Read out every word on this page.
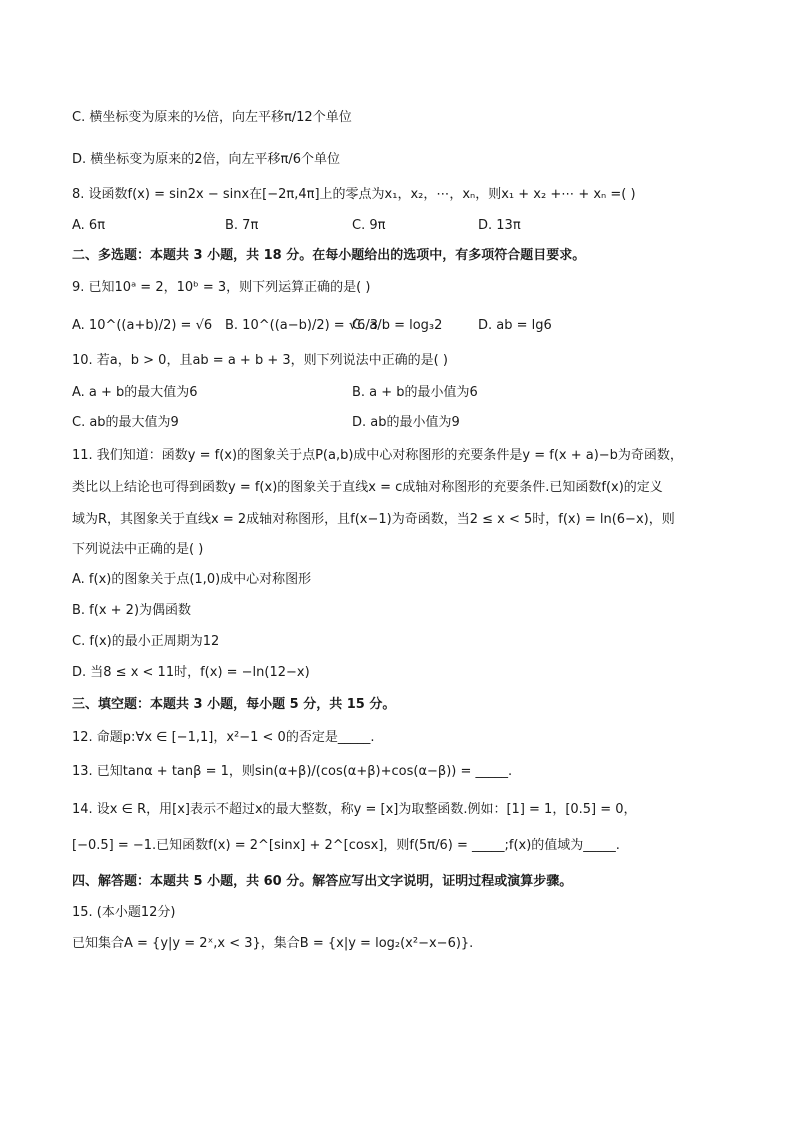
C. 横坐标变为原来的½倍，向左平移π/12个单位
D. 横坐标变为原来的2倍，向左平移π/6个单位
8. 设函数f(x) = sin2x − sinx在[−2π,4π]上的零点为x₁，x₂，⋯，xₙ，则x₁ + x₂ +⋯ + xₙ =( )
A. 6π	B. 7π	C. 9π	D. 13π
二、多选题：本题共 3 小题，共 18 分。在每小题给出的选项中，有多项符合题目要求。
9. 已知10ᵃ = 2，10ᵇ = 3，则下列运算正确的是( )
A. 10^((a+b)/2) = √6 B. 10^((a−b)/2) = √6/3
C. a/b = log₃2	D. ab = lg6
10. 若a，b > 0，且ab = a + b + 3，则下列说法中正确的是( )
A. a + b的最大值为6	B. a + b的最小值为6
C. ab的最大值为9	D. ab的最小值为9
11. 我们知道：函数y = f(x)的图象关于点P(a,b)成中心对称图形的充要条件是y = f(x + a)−b为奇函数，
类比以上结论也可得到函数y = f(x)的图象关于直线x = c成轴对称图形的充要条件.已知函数f(x)的定义
域为R，其图象关于直线x = 2成轴对称图形，且f(x−1)为奇函数，当2 ≤ x < 5时，f(x) = ln(6−x)，则
下列说法中正确的是( )
A. f(x)的图象关于点(1,0)成中心对称图形
B. f(x + 2)为偶函数
C. f(x)的最小正周期为12
D. 当8 ≤ x < 11时，f(x) = −ln(12−x)
三、填空题：本题共 3 小题，每小题 5 分，共 15 分。
12. 命题p:∀x ∈ [−1,1]，x²−1 < 0的否定是_____.
13. 已知tanα + tanβ = 1，则sin(α+β)/(cos(α+β)+cos(α−β)) = _____.
14. 设x ∈ R，用[x]表示不超过x的最大整数，称y = [x]为取整函数.例如：[1] = 1，[0.5] = 0，
[−0.5] = −1.已知函数f(x) = 2^[sinx] + 2^[cosx]，则f(5π/6) = _____;f(x)的值域为_____.
四、解答题：本题共 5 小题，共 60 分。解答应写出文字说明，证明过程或演算步骤。
15. (本小题12分)
已知集合A = {y|y = 2ˣ,x < 3}，集合B = {x|y = log₂(x²−x−6)}.
